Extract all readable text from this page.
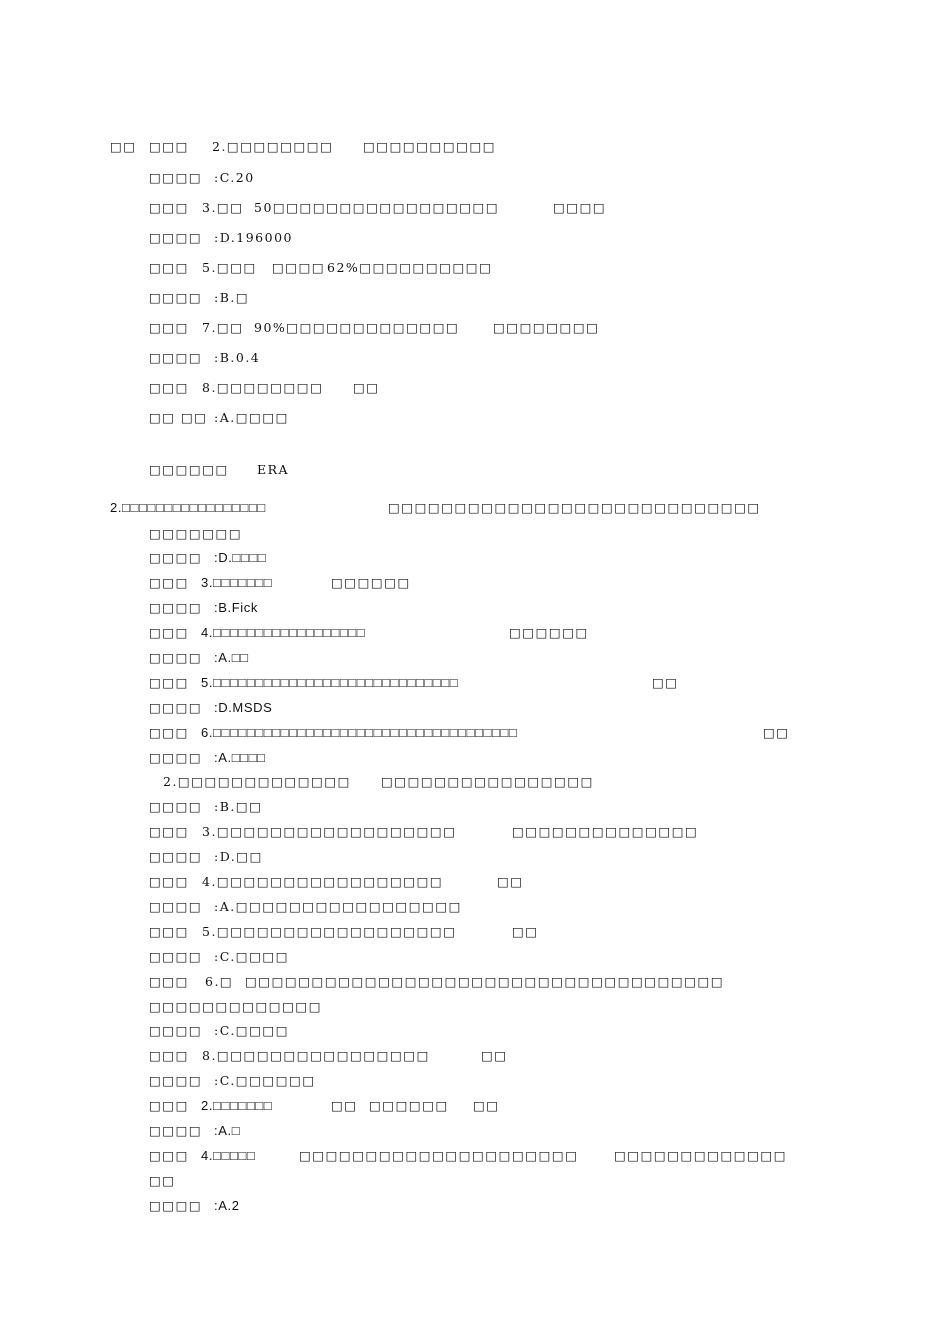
□□ □□□ 2.□□□□□□□□ □□□□□□□□□□
□□□□ :C.20
□□□ 3.□□ 50□□□□□□□□□□□□□□□□□	□□□□
□□□□ :D.196000
□□□ 5.□□□ □□□□ 62%□□□□□□□□□□
□□□□ :B.□
□□□ 7.□□ 90%□□□□□□□□□□□□□	□□□□□□□□
□□□□ :B.0.4
□□□ 8.□□□□□□□□ □□
□□ □□ :A.□□□□
□□□□□□ ERA
2.□□□□□□□□□□□□□□□□□	□□□□□□□□□□□□□□□□□□□□□□□□□□□□
□□□□□□□
□□□□ :D.□□□□
□□□ 3.□□□□□□□	□□□□□□
□□□□ :B.Fick
□□□ 4.□□□□□□□□□□□□□□□□□□	□□□□□□
□□□□ :A.□□
□□□ 5.□□□□□□□□□□□□□□□□□□□□□□□□□□□□□	□□
□□□□ :D.MSDS
□□□ 6.□□□□□□□□□□□□□□□□□□□□□□□□□□□□□□□□□□□□	□□
□□□□ :A.□□□□
2.□□□□□□□□□□□□□ □□□□□□□□□□□□□□□□
□□□□ :B.□□
□□□ 3.□□□□□□□□□□□□□□□□□□	□□□□□□□□□□□□□□
□□□□ :D.□□
□□□ 4.□□□□□□□□□□□□□□□□□	□□
□□□□ :A.□□□□□□□□□□□□□□□□□
□□□ 5.□□□□□□□□□□□□□□□□□□	□□
□□□□ :C.□□□□
□□□ 6.□ □□□□□□□□□□□□□□□□□□□□□□□□□□□□□□□□□□□□
□□□□□□□□□□□□□
□□□□ :C.□□□□
□□□ 8.□□□□□□□□□□□□□□□□	□□
□□□□ :C.□□□□□□
□□□ 2.□□□□□□□	□□ □□□□□□ □□
□□□□ :A.□
□□□ 4.□□□□□	□□□□□□□□□□□□□□□□□□□□□	□□□□□□□□□□□□□
□□
□□□□ :A.2
